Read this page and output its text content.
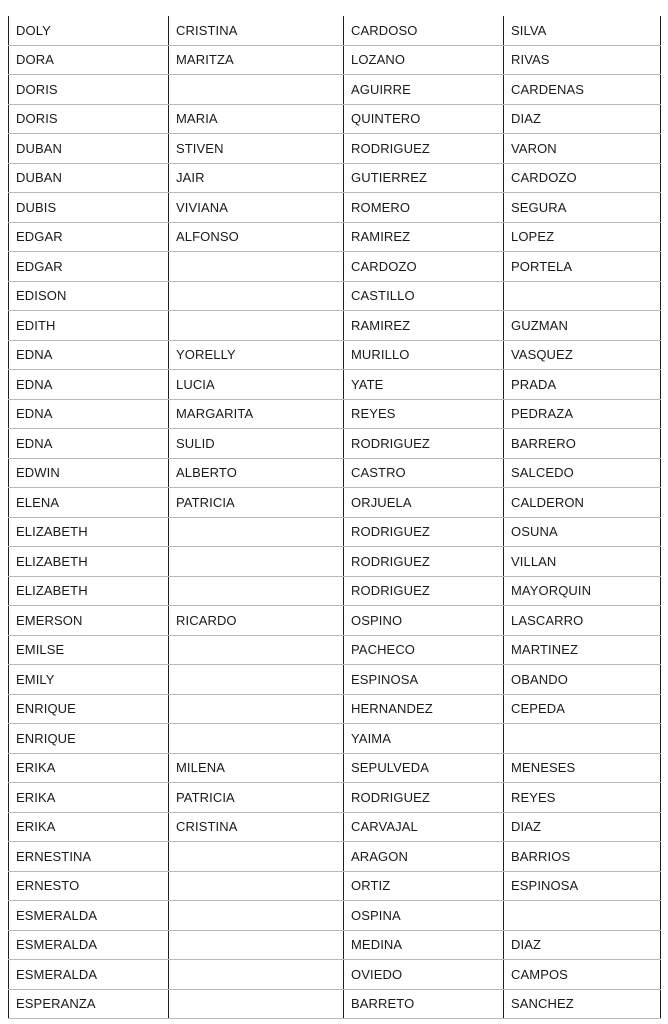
DOLY	CRISTINA	CARDOSO	SILVA
DORA	MARITZA	LOZANO	RIVAS
DORIS		AGUIRRE	CARDENAS
DORIS	MARIA	QUINTERO	DIAZ
DUBAN	STIVEN	RODRIGUEZ	VARON
DUBAN	JAIR	GUTIERREZ	CARDOZO
DUBIS	VIVIANA	ROMERO	SEGURA
EDGAR	ALFONSO	RAMIREZ	LOPEZ
EDGAR		CARDOZO	PORTELA
EDISON		CASTILLO	
EDITH		RAMIREZ	GUZMAN
EDNA	YORELLY	MURILLO	VASQUEZ
EDNA	LUCIA	YATE	PRADA
EDNA	MARGARITA	REYES	PEDRAZA
EDNA	SULID	RODRIGUEZ	BARRERO
EDWIN	ALBERTO	CASTRO	SALCEDO
ELENA	PATRICIA	ORJUELA	CALDERON
ELIZABETH		RODRIGUEZ	OSUNA
ELIZABETH		RODRIGUEZ	VILLAN
ELIZABETH		RODRIGUEZ	MAYORQUIN
EMERSON	RICARDO	OSPINO	LASCARRO
EMILSE		PACHECO	MARTINEZ
EMILY		ESPINOSA	OBANDO
ENRIQUE		HERNANDEZ	CEPEDA
ENRIQUE		YAIMA	
ERIKA	MILENA	SEPULVEDA	MENESES
ERIKA	PATRICIA	RODRIGUEZ	REYES
ERIKA	CRISTINA	CARVAJAL	DIAZ
ERNESTINA		ARAGON	BARRIOS
ERNESTO		ORTIZ	ESPINOSA
ESMERALDA		OSPINA	
ESMERALDA		MEDINA	DIAZ
ESMERALDA		OVIEDO	CAMPOS
ESPERANZA		BARRETO	SANCHEZ
